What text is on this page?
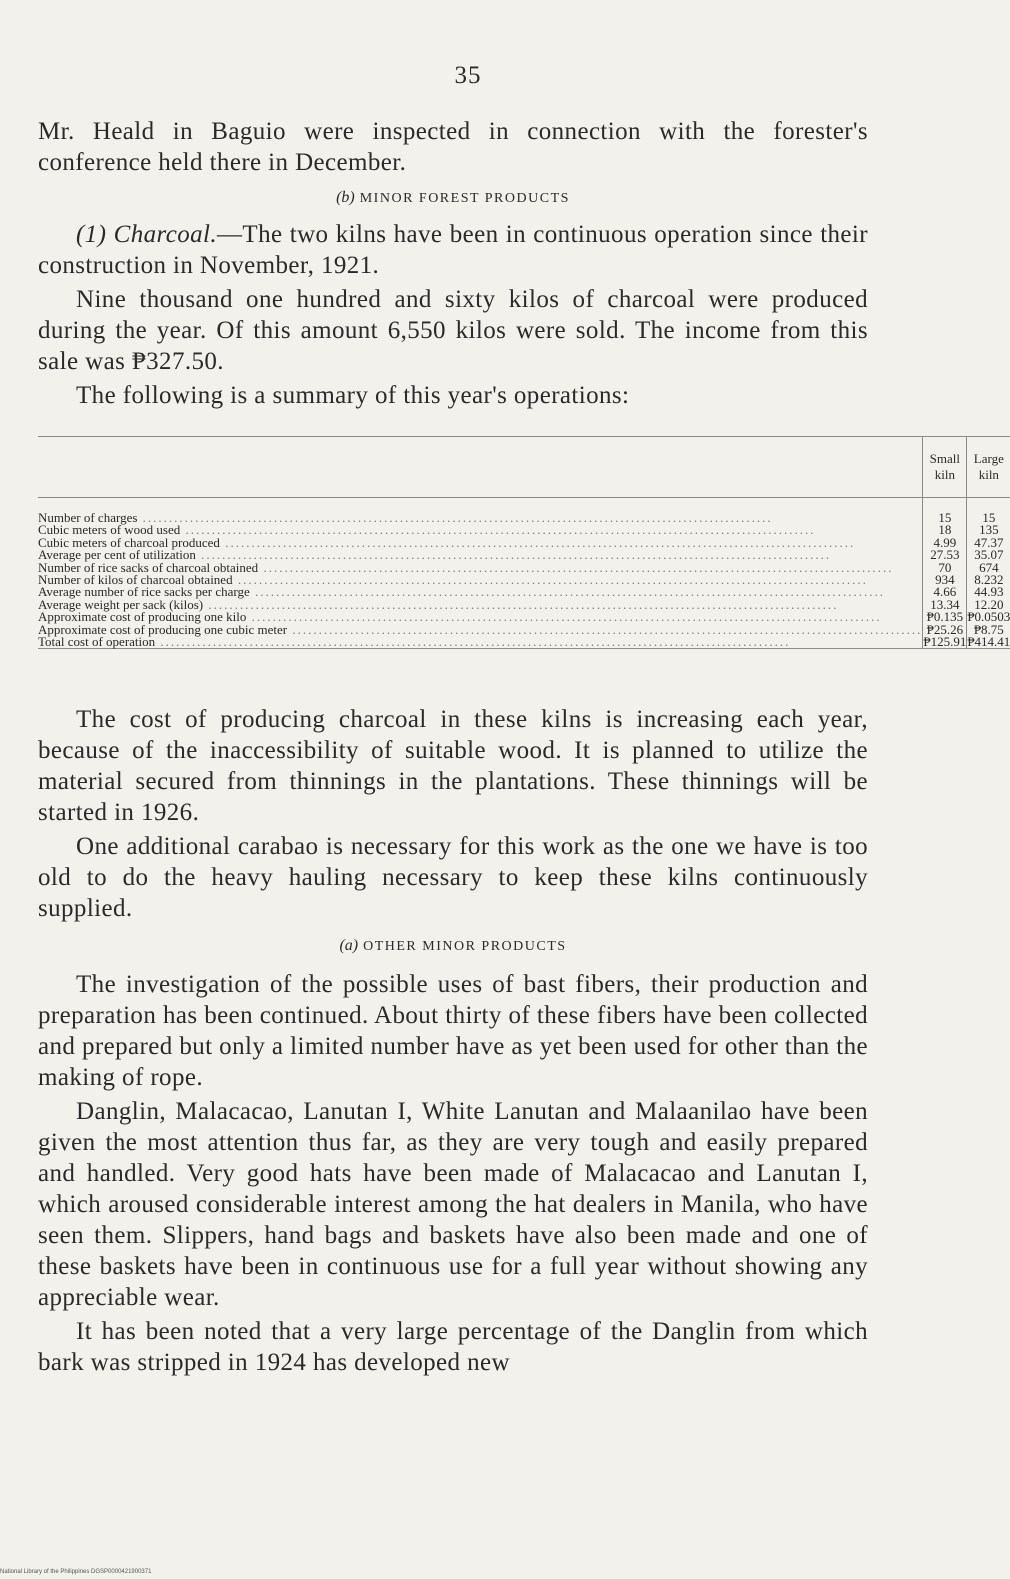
35

Mr. Heald in Baguio were inspected in connection with the forester's conference held there in December.

(b) MINOR FOREST PRODUCTS

(1) Charcoal.—The two kilns have been in continuous operation since their construction in November, 1921.

Nine thousand one hundred and sixty kilos of charcoal were produced during the year. Of this amount 6,550 kilos were sold. The income from this sale was ₱327.50.

The following is a summary of this year's operations:

	Small kiln	Large kiln

Number of charges ........................................................................................................................	15	15
Cubic meters of wood used ........................................................................................................................	18	135
Cubic meters of charcoal produced ........................................................................................................................	4.99	47.37
Average per cent of utilization ........................................................................................................................	27.53	35.07
Number of rice sacks of charcoal obtained ........................................................................................................................	70	674
Number of kilos of charcoal obtained ........................................................................................................................	934	8.232
Average number of rice sacks per charge ........................................................................................................................	4.66	44.93
Average weight per sack (kilos) ........................................................................................................................	13.34	12.20
Approximate cost of producing one kilo ........................................................................................................................	₱0.135	₱0.0503
Approximate cost of producing one cubic meter ........................................................................................................................	₱25.26	₱8.75
Total cost of operation ........................................................................................................................	₱125.91	₱414.41

The cost of producing charcoal in these kilns is increasing each year, because of the inaccessibility of suitable wood. It is planned to utilize the material secured from thinnings in the plantations. These thinnings will be started in 1926.

One additional carabao is necessary for this work as the one we have is too old to do the heavy hauling necessary to keep these kilns continuously supplied.

(a) OTHER MINOR PRODUCTS

The investigation of the possible uses of bast fibers, their production and preparation has been continued. About thirty of these fibers have been collected and prepared but only a limited number have as yet been used for other than the making of rope.

Danglin, Malacacao, Lanutan I, White Lanutan and Malaanilao have been given the most attention thus far, as they are very tough and easily prepared and handled. Very good hats have been made of Malacacao and Lanutan I, which aroused considerable interest among the hat dealers in Manila, who have seen them. Slippers, hand bags and baskets have also been made and one of these baskets have been in continuous use for a full year without showing any appreciable wear.

It has been noted that a very large percentage of the Danglin from which bark was stripped in 1924 has developed new

National Library of the Philippines DGSP0000421900371
